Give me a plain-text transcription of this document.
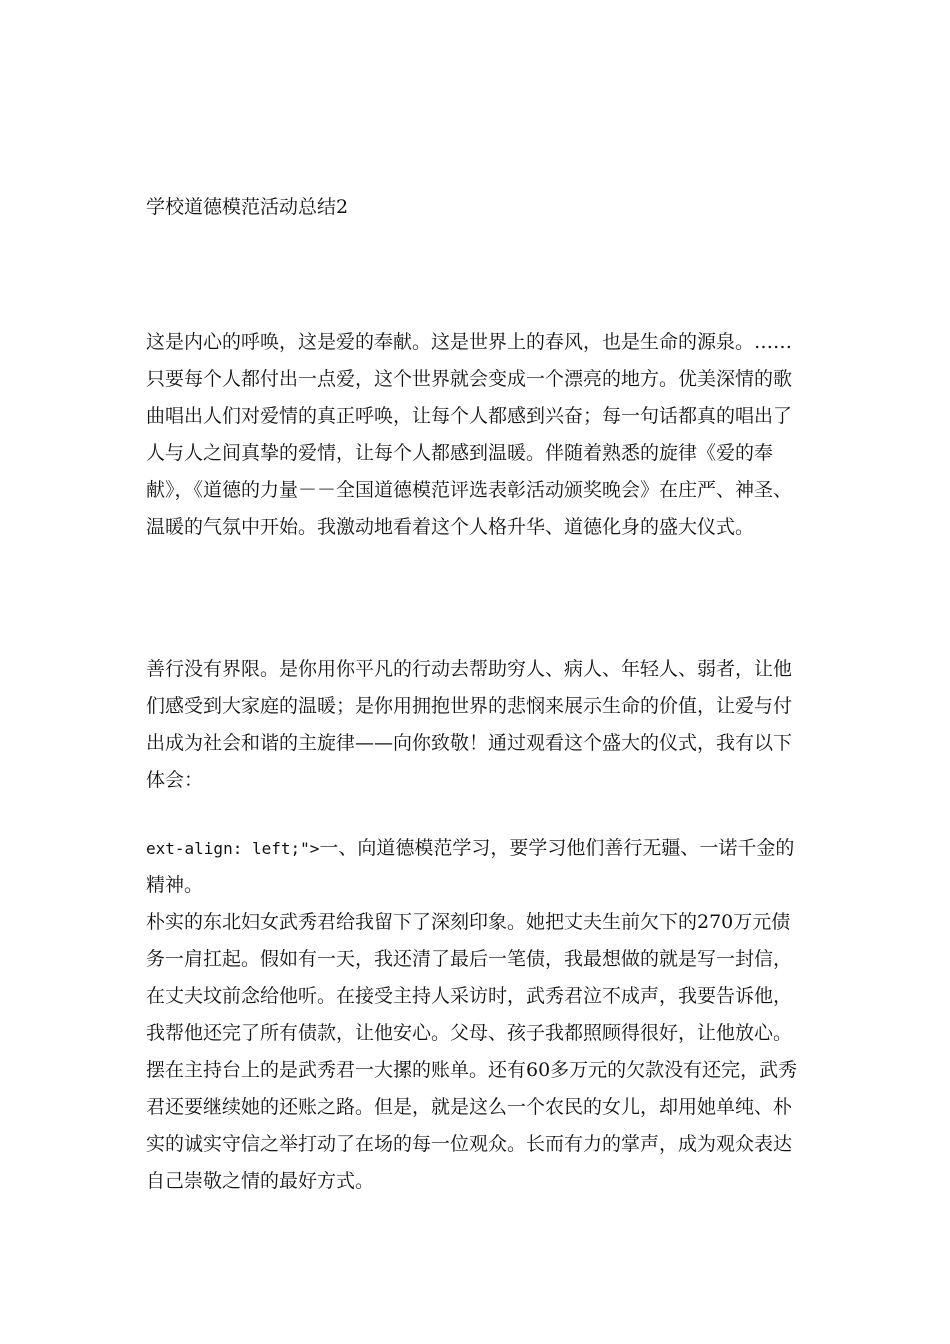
学校道德模范活动总结2
这是内心的呼唤，这是爱的奉献。这是世界上的春风，也是生命的源泉。……
只要每个人都付出一点爱，这个世界就会变成一个漂亮的地方。优美深情的歌
曲唱出人们对爱情的真正呼唤，让每个人都感到兴奋；每一句话都真的唱出了
人与人之间真挚的爱情，让每个人都感到温暖。伴随着熟悉的旋律《爱的奉
献》，《道德的力量－－全国道德模范评选表彰活动颁奖晚会》在庄严、神圣、
温暖的气氛中开始。我激动地看着这个人格升华、道德化身的盛大仪式。
善行没有界限。是你用你平凡的行动去帮助穷人、病人、年轻人、弱者，让他
们感受到大家庭的温暖；是你用拥抱世界的悲悯来展示生命的价值，让爱与付
出成为社会和谐的主旋律——向你致敬！通过观看这个盛大的仪式，我有以下
体会：
ext-align: left;">一、向道德模范学习，要学习他们善行无疆、一诺千金的
精神。
朴实的东北妇女武秀君给我留下了深刻印象。她把丈夫生前欠下的270万元债
务一肩扛起。假如有一天，我还清了最后一笔债，我最想做的就是写一封信，
在丈夫坟前念给他听。在接受主持人采访时，武秀君泣不成声，我要告诉他，
我帮他还完了所有债款，让他安心。父母、孩子我都照顾得很好，让他放心。
摆在主持台上的是武秀君一大摞的账单。还有60多万元的欠款没有还完，武秀
君还要继续她的还账之路。但是，就是这么一个农民的女儿，却用她单纯、朴
实的诚实守信之举打动了在场的每一位观众。长而有力的掌声，成为观众表达
自己崇敬之情的最好方式。
